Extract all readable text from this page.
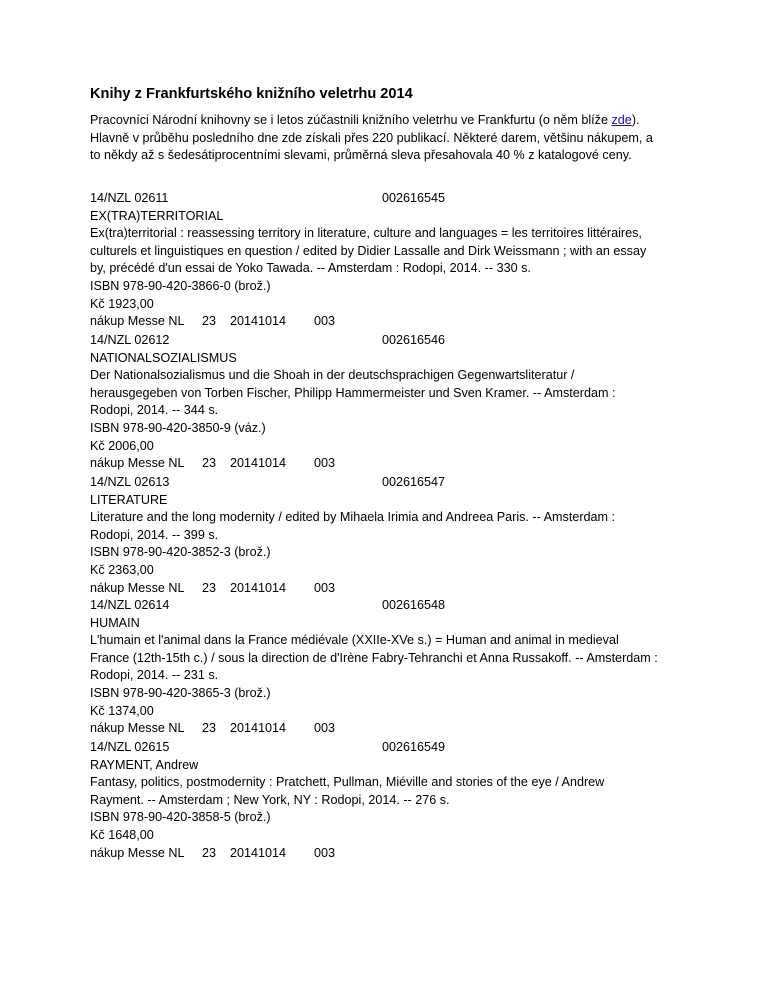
Knihy z Frankfurtského knižního veletrhu 2014

Pracovníci Národní knihovny se i letos zúčastnili knižního veletrhu ve Frankfurtu (o něm blíže zde).
Hlavně v průběhu posledního dne zde získali přes 220 publikací. Některé darem, většinu nákupem, a
to někdy až s šedesátiprocentními slevami, průměrná sleva přesahovala 40 % z katalogové ceny.

14/NZL 02611	002616545
EX(TRA)TERRITORIAL
Ex(tra)territorial : reassessing territory in literature, culture and languages = les territoires littéraires,
culturels et linguistiques en question / edited by Didier Lassalle and Dirk Weissmann ; with an essay
by, précédé d'un essai de Yoko Tawada. -- Amsterdam : Rodopi, 2014. -- 330 s.
ISBN 978-90-420-3866-0 (brož.)
Kč 1923,00
nákup Messe NL 23 20141014 003
14/NZL 02612	002616546
NATIONALSOZIALISMUS
Der Nationalsozialismus und die Shoah in der deutschsprachigen Gegenwartsliteratur /
herausgegeben von Torben Fischer, Philipp Hammermeister und Sven Kramer. -- Amsterdam :
Rodopi, 2014. -- 344 s.
ISBN 978-90-420-3850-9 (váz.)
Kč 2006,00
nákup Messe NL 23 20141014 003
14/NZL 02613	002616547
LITERATURE
Literature and the long modernity / edited by Mihaela Irimia and Andreea Paris. -- Amsterdam :
Rodopi, 2014. -- 399 s.
ISBN 978-90-420-3852-3 (brož.)
Kč 2363,00
nákup Messe NL 23 20141014 003
14/NZL 02614	002616548
HUMAIN
L'humain et l'animal dans la France médiévale (XXIIe-XVe s.) = Human and animal in medieval
France (12th-15th c.) / sous la direction de d'Irène Fabry-Tehranchi et Anna Russakoff. -- Amsterdam :
Rodopi, 2014. -- 231 s.
ISBN 978-90-420-3865-3 (brož.)
Kč 1374,00
nákup Messe NL 23 20141014 003
14/NZL 02615	002616549
RAYMENT, Andrew
Fantasy, politics, postmodernity : Pratchett, Pullman, Miéville and stories of the eye / Andrew
Rayment. -- Amsterdam ; New York, NY : Rodopi, 2014. -- 276 s.
ISBN 978-90-420-3858-5 (brož.)
Kč 1648,00
nákup Messe NL 23 20141014 003
